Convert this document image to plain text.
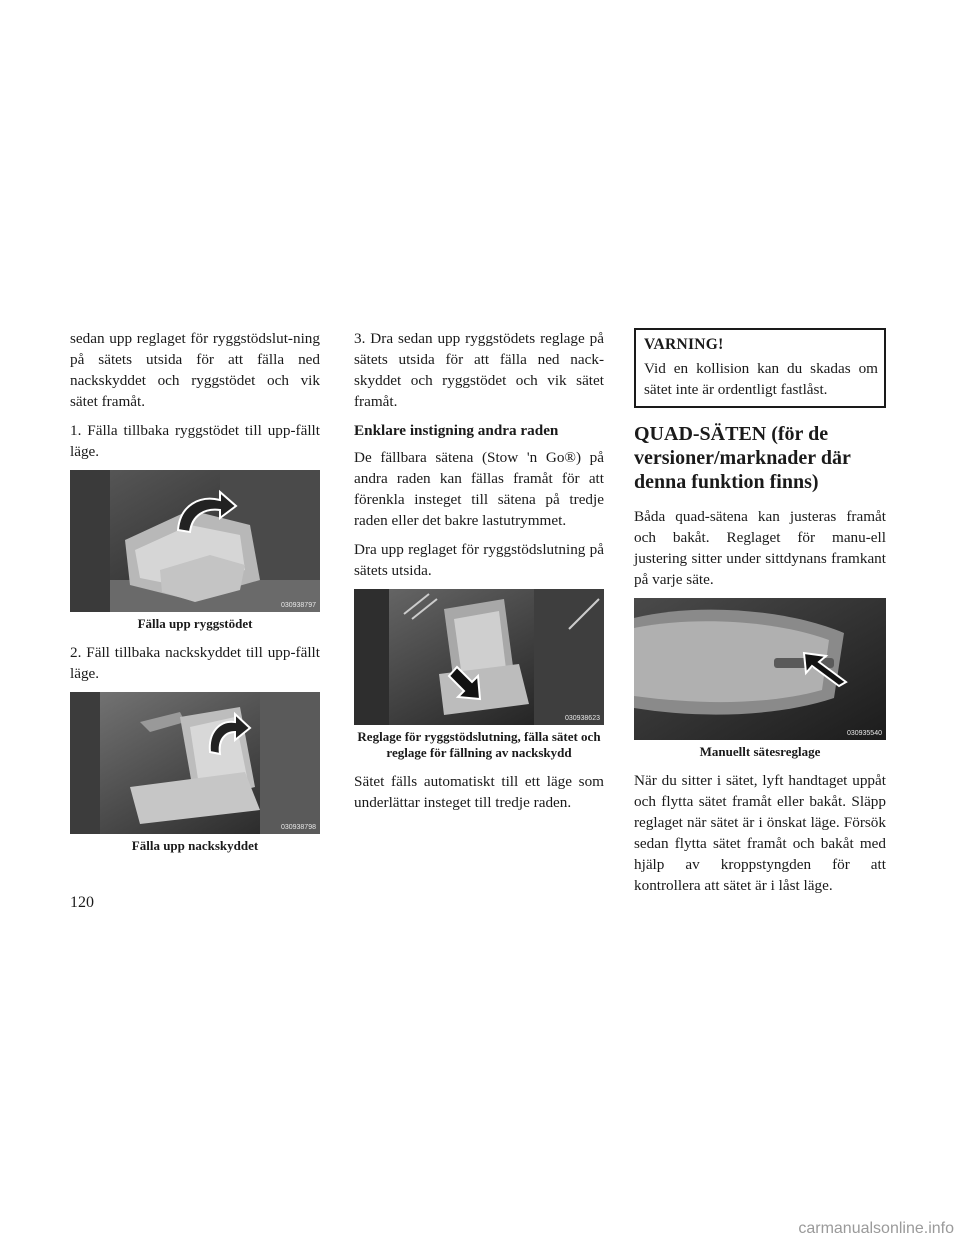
sedan upp reglaget för ryggstödslut-ning på sätets utsida för att fälla ned nackskyddet och ryggstödet och vik sätet framåt.

1. Fälla tillbaka ryggstödet till upp-fällt läge.

030938797
Fälla upp ryggstödet

2. Fäll tillbaka nackskyddet till upp-fällt läge.

030938798
Fälla upp nackskyddet

3. Dra sedan upp ryggstödets reglage på sätets utsida för att fälla ned nack-skyddet och ryggstödet och vik sätet framåt.

Enklare instigning andra raden

De fällbara sätena (Stow 'n Go®) på andra raden kan fällas framåt för att förenkla insteget till sätena på tredje raden eller det bakre lastutrymmet.

Dra upp reglaget för ryggstödslutning på sätets utsida.

030938623
Reglage för ryggstödslutning, fälla sätet och reglage för fällning av nackskydd

Sätet fälls automatiskt till ett läge som underlättar insteget till tredje raden.

VARNING!

Vid en kollision kan du skadas om sätet inte är ordentligt fastlåst.

QUAD-SÄTEN (för de versioner/marknader där denna funktion finns)

Båda quad-sätena kan justeras framåt och bakåt. Reglaget för manu-ell justering sitter under sittdynans framkant på varje säte.

030935540
Manuellt sätesreglage

När du sitter i sätet, lyft handtaget uppåt och flytta sätet framåt eller bakåt. Släpp reglaget när sätet är i önskat läge. Försök sedan flytta sätet framåt och bakåt med hjälp av kroppstyngden för att kontrollera att sätet är i låst läge.

120
carmanualsonline.info
